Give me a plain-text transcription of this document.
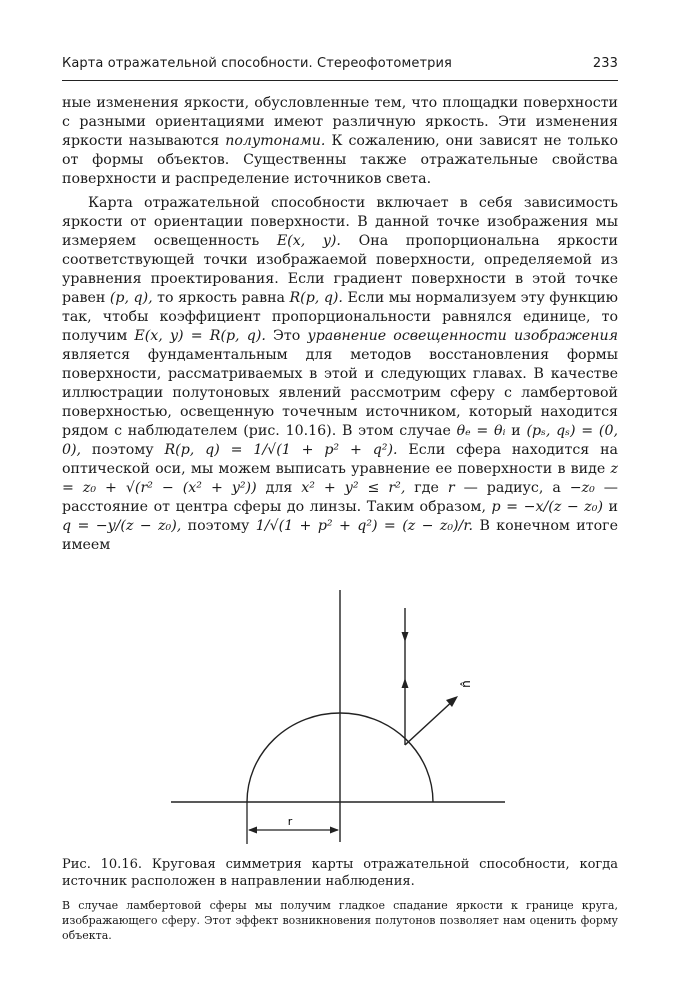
Карта отражательной способности. Стереофотометрия	233

ные изменения яркости, обусловленные тем, что площадки поверхности с разными ориентациями имеют различную яркость. Эти изменения яркости называются полутонами. К сожалению, они зависят не только от формы объектов. Существенны также отражательные свойства поверхности и распределение источников света.

Карта отражательной способности включает в себя зависимость яркости от ориентации поверхности. В данной точке изображения мы измеряем освещенность E(x, y). Она пропорциональна яркости соответствующей точки изображаемой поверхности, определяемой из уравнения проектирования. Если градиент поверхности в этой точке равен (p, q), то яркость равна R(p, q). Если мы нормализуем эту функцию так, чтобы коэффициент пропорциональности равнялся единице, то получим E(x, y) = R(p, q). Это уравнение освещенности изображения является фундаментальным для методов восстановления формы поверхности, рассматриваемых в этой и следующих главах. В качестве иллюстрации полутоновых явлений рассмотрим сферу с ламбертовой поверхностью, освещенную точечным источником, который находится рядом с наблюдателем (рис. 10.16). В этом случае θₑ = θᵢ и (pₛ, qₛ) = (0, 0), поэтому R(p, q) = 1/√(1 + p² + q²). Если сфера находится на оптической оси, мы можем выписать уравнение ее поверхности в виде z = z₀ + √(r² − (x² + y²)) для x² + y² ≤ r², где r — радиус, а −z₀ — расстояние от центра сферы до линзы. Таким образом, p = −x/(z − z₀) и q = −y/(z − z₀), поэтому 1/√(1 + p² + q²) = (z − z₀)/r. В конечном итоге имеем

r
n̂
Рис. 10.16. Круговая симметрия карты отражательной способности, когда источник расположен в направлении наблюдения.
В случае ламбертовой сферы мы получим гладкое спадание яркости к границе круга, изображающего сферу. Этот эффект возникновения полутонов позволяет нам оценить форму объекта.
